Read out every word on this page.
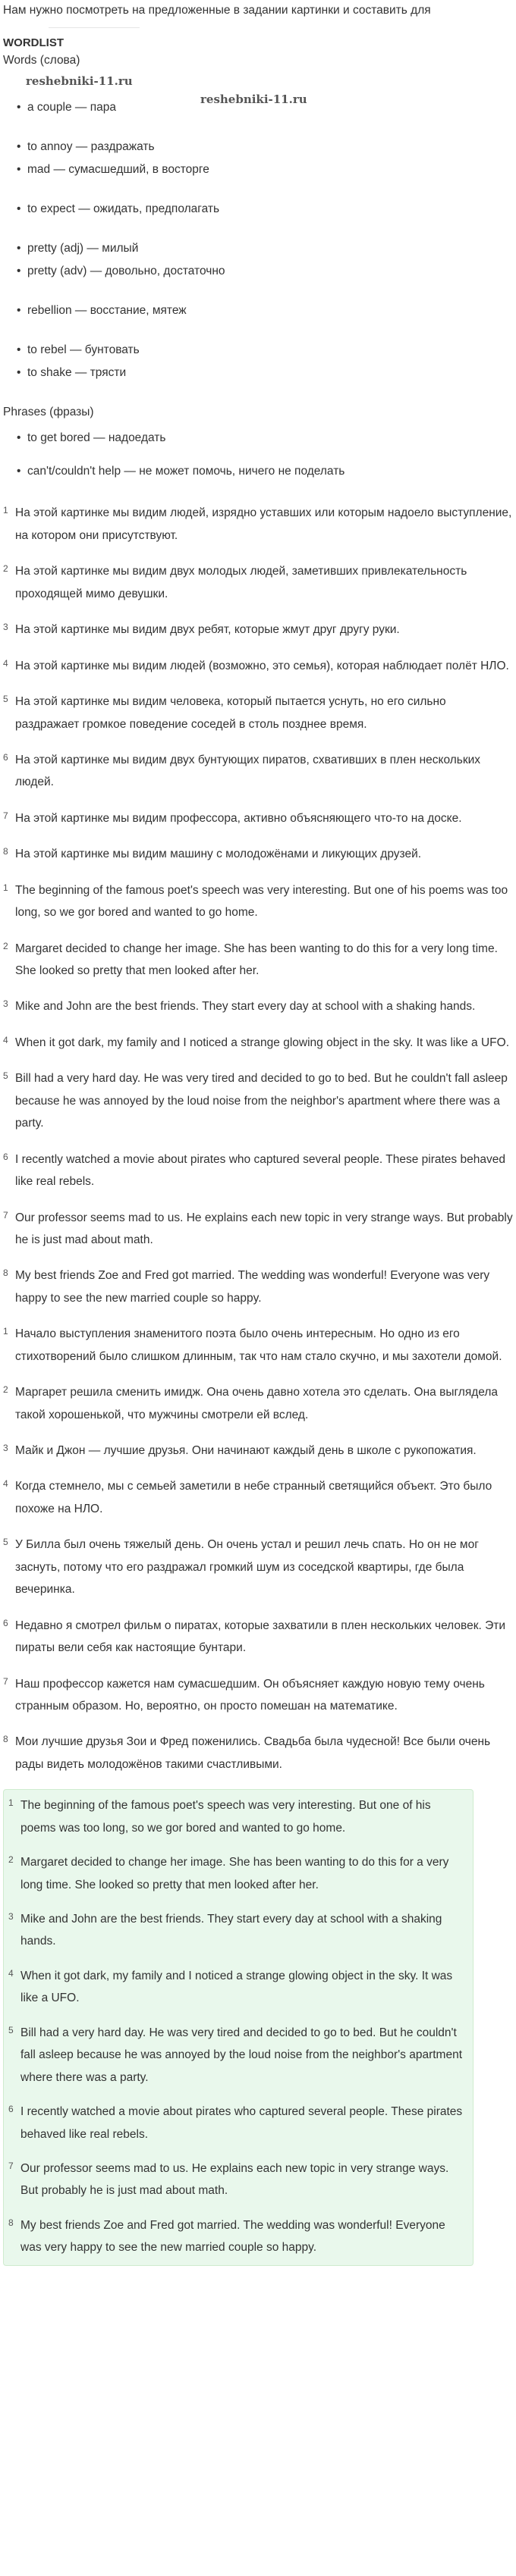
Нам нужно посмотреть на предложенные в задании картинки и составить для

WORDLIST

Words (слова)

reshebniki-11.ru
reshebniki-11.ru
• a couple — пара
• to annoy — раздражать
• mad — сумасшедший, в восторге
• to expect — ожидать, предполагать
• pretty (adj) — милый
• pretty (adv) — довольно, достаточно
• rebellion — восстание, мятеж
• to rebel — бунтовать
• to shake — трясти

Phrases (фразы)

• to get bored — надоедать
• can't/couldn't help — не может помочь, ничего не поделать
1 На этой картинке мы видим людей, изрядно уставших или которым надоело выступление, на котором они присутствуют.
2 На этой картинке мы видим двух молодых людей, заметивших привлекательность проходящей мимо девушки.
3 На этой картинке мы видим двух ребят, которые жмут друг другу руки.
4 На этой картинке мы видим людей (возможно, это семья), которая наблюдает полёт НЛО.
5 На этой картинке мы видим человека, который пытается уснуть, но его сильно раздражает громкое поведение соседей в столь позднее время.
6 На этой картинке мы видим двух бунтующих пиратов, схвативших в плен нескольких людей.
7 На этой картинке мы видим профессора, активно объясняющего что-то на доске.
8 На этой картинке мы видим машину с молодожёнами и ликующих друзей.
1 The beginning of the famous poet's speech was very interesting. But one of his poems was too long, so we gor bored and wanted to go home.
2 Margaret decided to change her image. She has been wanting to do this for a very long time. She looked so pretty that men looked after her.
3 Mike and John are the best friends. They start every day at school with a shaking hands.
4 When it got dark, my family and I noticed a strange glowing object in the sky. It was like a UFO.
5 Bill had a very hard day. He was very tired and decided to go to bed. But he couldn't fall asleep because he was annoyed by the loud noise from the neighbor's apartment where there was a party.
6 I recently watched a movie about pirates who captured several people. These pirates behaved like real rebels.
7 Our professor seems mad to us. He explains each new topic in very strange ways. But probably he is just mad about math.
8 My best friends Zoe and Fred got married. The wedding was wonderful! Everyone was very happy to see the new married couple so happy.
1 Начало выступления знаменитого поэта было очень интересным. Но одно из его стихотворений было слишком длинным, так что нам стало скучно, и мы захотели домой.
2 Маргарет решила сменить имидж. Она очень давно хотела это сделать. Она выглядела такой хорошенькой, что мужчины смотрели ей вслед.
3 Майк и Джон — лучшие друзья. Они начинают каждый день в школе с рукопожатия.
4 Когда стемнело, мы с семьей заметили в небе странный светящийся объект. Это было похоже на НЛО.
5 У Билла был очень тяжелый день. Он очень устал и решил лечь спать. Но он не мог заснуть, потому что его раздражал громкий шум из соседской квартиры, где была вечеринка.
6 Недавно я смотрел фильм о пиратах, которые захватили в плен нескольких человек. Эти пираты вели себя как настоящие бунтари.
7 Наш профессор кажется нам сумасшедшим. Он объясняет каждую новую тему очень странным образом. Но, вероятно, он просто помешан на математике.
8 Мои лучшие друзья Зои и Фред поженились. Свадьба была чудесной! Все были очень рады видеть молодожёнов такими счастливыми.
1 The beginning of the famous poet's speech was very interesting. But one of his poems was too long, so we gor bored and wanted to go home.
2 Margaret decided to change her image. She has been wanting to do this for a very long time. She looked so pretty that men looked after her.
3 Mike and John are the best friends. They start every day at school with a shaking hands.
4 When it got dark, my family and I noticed a strange glowing object in the sky. It was like a UFO.
5 Bill had a very hard day. He was very tired and decided to go to bed. But he couldn't fall asleep because he was annoyed by the loud noise from the neighbor's apartment where there was a party.
6 I recently watched a movie about pirates who captured several people. These pirates behaved like real rebels.
7 Our professor seems mad to us. He explains each new topic in very strange ways. But probably he is just mad about math.
8 My best friends Zoe and Fred got married. The wedding was wonderful! Everyone was very happy to see the new married couple so happy.
